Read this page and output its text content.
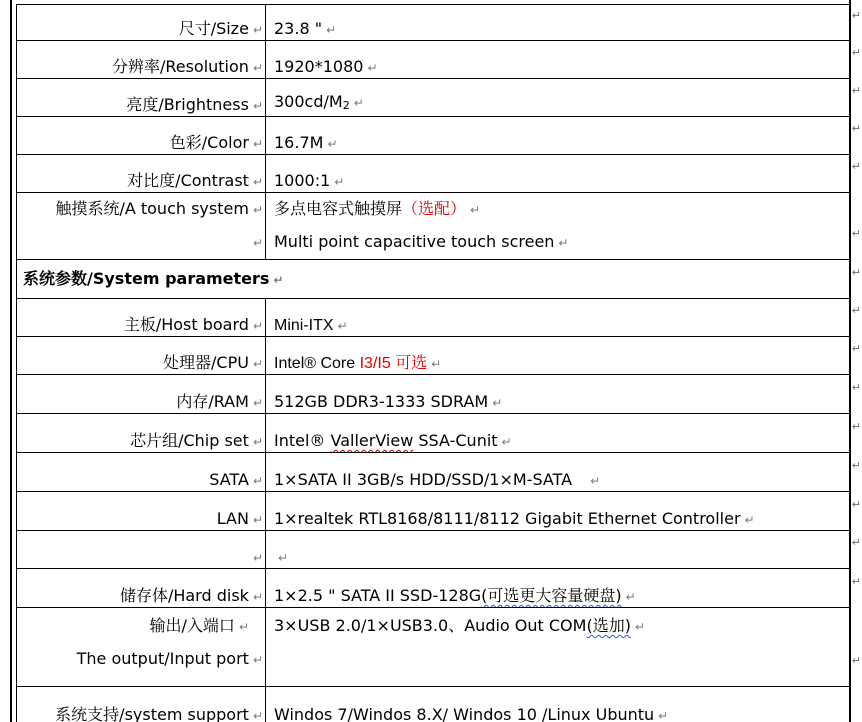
尺寸/Size ↵	23.8 " ↵
分辨率/Resolution ↵	1920*1080 ↵
亮度/Brightness ↵	300cd/M2 ↵
色彩/Color ↵	16.7M ↵
对比度/Contrast ↵	1000:1 ↵

触摸系统/A touch system ↵
↵	多点电容式触摸屏（选配） ↵
Multi point capacitive touch screen ↵

系统参数/System parameters ↵	
主板/Host board ↵	Mini-ITX ↵
处理器/CPU ↵	Intel® Core I3/I5 可选 ↵
内存/RAM ↵	512GB DDR3-1333 SDRAM ↵
芯片组/Chip set ↵	Intel® VallerView SSA-Cunit ↵
SATA ↵	1×SATA II 3GB/s HDD/SSD/1×M-SATA ↵
LAN ↵	1×realtek RTL8168/8111/8112 Gigabit Ethernet Controller ↵
↵	↵
储存体/Hard disk ↵	1×2.5 " SATA II SSD-128G(可选更大容量硬盘) ↵

输出/入端口 ↵
The output/Input port ↵	3×USB 2.0/1×USB3.0、Audio Out COM(选加) ↵

系统支持/system support ↵	Windos 7/Windos 8.X/ Windos 10 /Linux Ubuntu ↵
↵
↵
↵
↵
↵
↵
↵
↵
↵
↵
↵
↵
↵
↵
↵
↵
